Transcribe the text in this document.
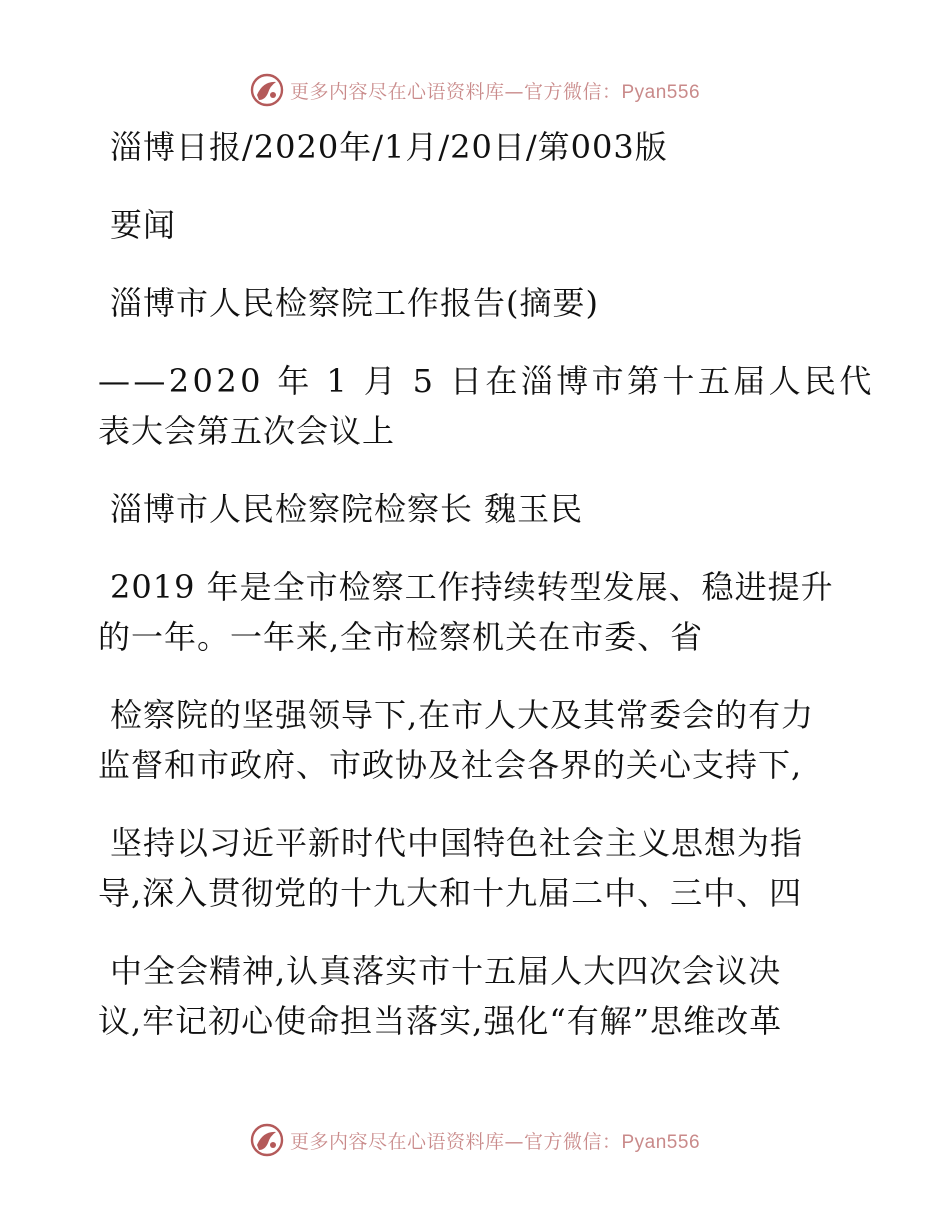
更多内容尽在心语资料库—官方微信：Pyan556
淄博日报/2020年/1月/20日/第003版
要闻
淄博市人民检察院工作报告(摘要)
——2020 年 1 月 5 日在淄博市第十五届人民代
表大会第五次会议上
淄博市人民检察院检察长 魏玉民
2019 年是全市检察工作持续转型发展、稳进提升
的一年。一年来,全市检察机关在市委、省
检察院的坚强领导下,在市人大及其常委会的有力
监督和市政府、市政协及社会各界的关心支持下,
坚持以习近平新时代中国特色社会主义思想为指
导,深入贯彻党的十九大和十九届二中、三中、四
中全会精神,认真落实市十五届人大四次会议决
议,牢记初心使命担当落实,强化“有解”思维改革
更多内容尽在心语资料库—官方微信：Pyan556
